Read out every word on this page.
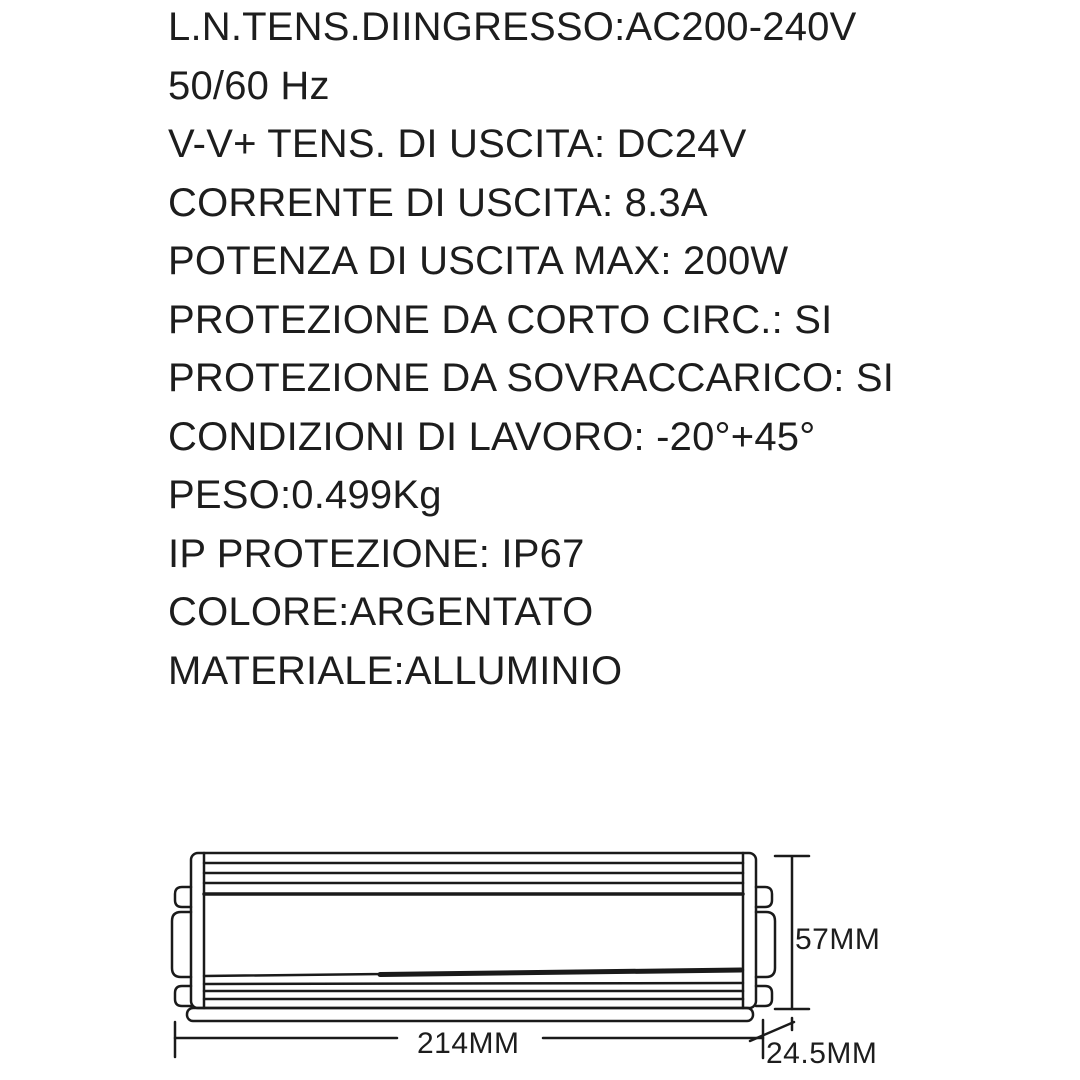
L.N.TENS.DIINGRESSO:AC200-240V
50/60 Hz
V-V+ TENS. DI USCITA: DC24V
CORRENTE DI USCITA: 8.3A
POTENZA DI USCITA MAX: 200W
PROTEZIONE DA CORTO CIRC.: SI
PROTEZIONE DA SOVRACCARICO: SI
CONDIZIONI DI LAVORO: -20°+45°
PESO:0.499Kg
IP PROTEZIONE: IP67
COLORE:ARGENTATO
MATERIALE:ALLUMINIO
57MM
214MM	24.5MM
